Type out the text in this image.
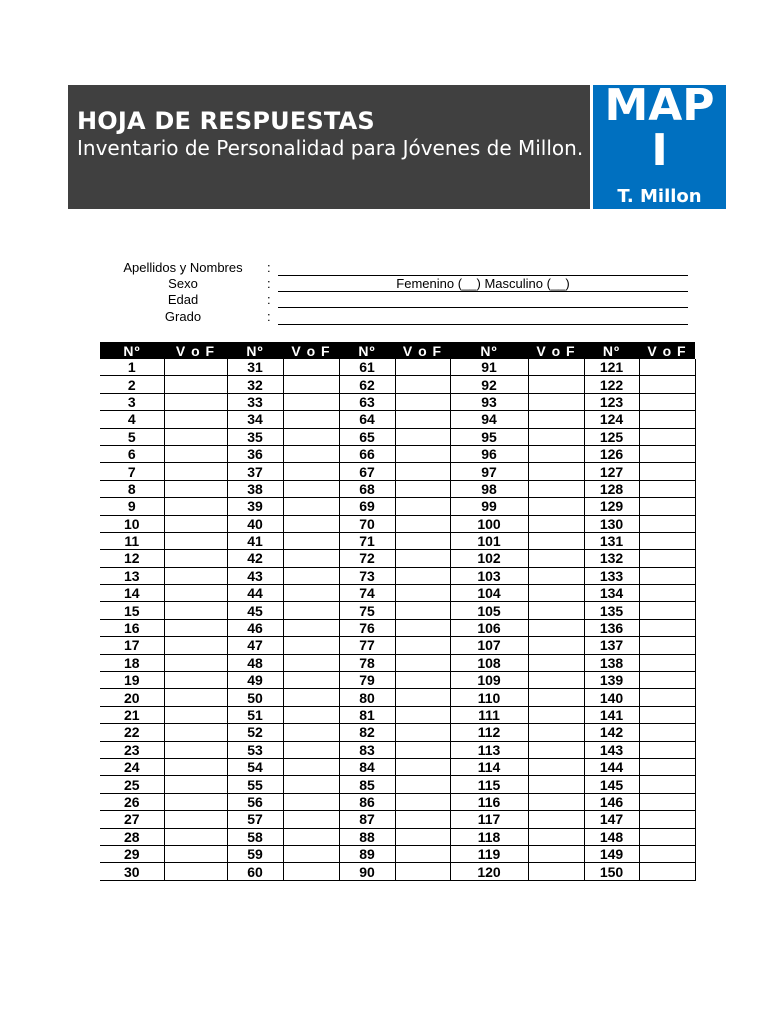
HOJA DE RESPUESTAS
Inventario de Personalidad para Jóvenes de Millon.
MAP
I
T. Millon
Apellidos y Nombres	:
Sexo	:	Femenino (__) Masculino (__)
Edad	:
Grado	:
Nº	V o F	Nº	V o F	Nº	V o F	Nº	V o F	Nº	V o F
1		31		61		91		121	
2		32		62		92		122	
3		33		63		93		123	
4		34		64		94		124	
5		35		65		95		125	
6		36		66		96		126	
7		37		67		97		127	
8		38		68		98		128	
9		39		69		99		129	
10		40		70		100		130	
11		41		71		101		131	
12		42		72		102		132	
13		43		73		103		133	
14		44		74		104		134	
15		45		75		105		135	
16		46		76		106		136	
17		47		77		107		137	
18		48		78		108		138	
19		49		79		109		139	
20		50		80		110		140	
21		51		81		111		141	
22		52		82		112		142	
23		53		83		113		143	
24		54		84		114		144	
25		55		85		115		145	
26		56		86		116		146	
27		57		87		117		147	
28		58		88		118		148	
29		59		89		119		149	
30		60		90		120		150	
